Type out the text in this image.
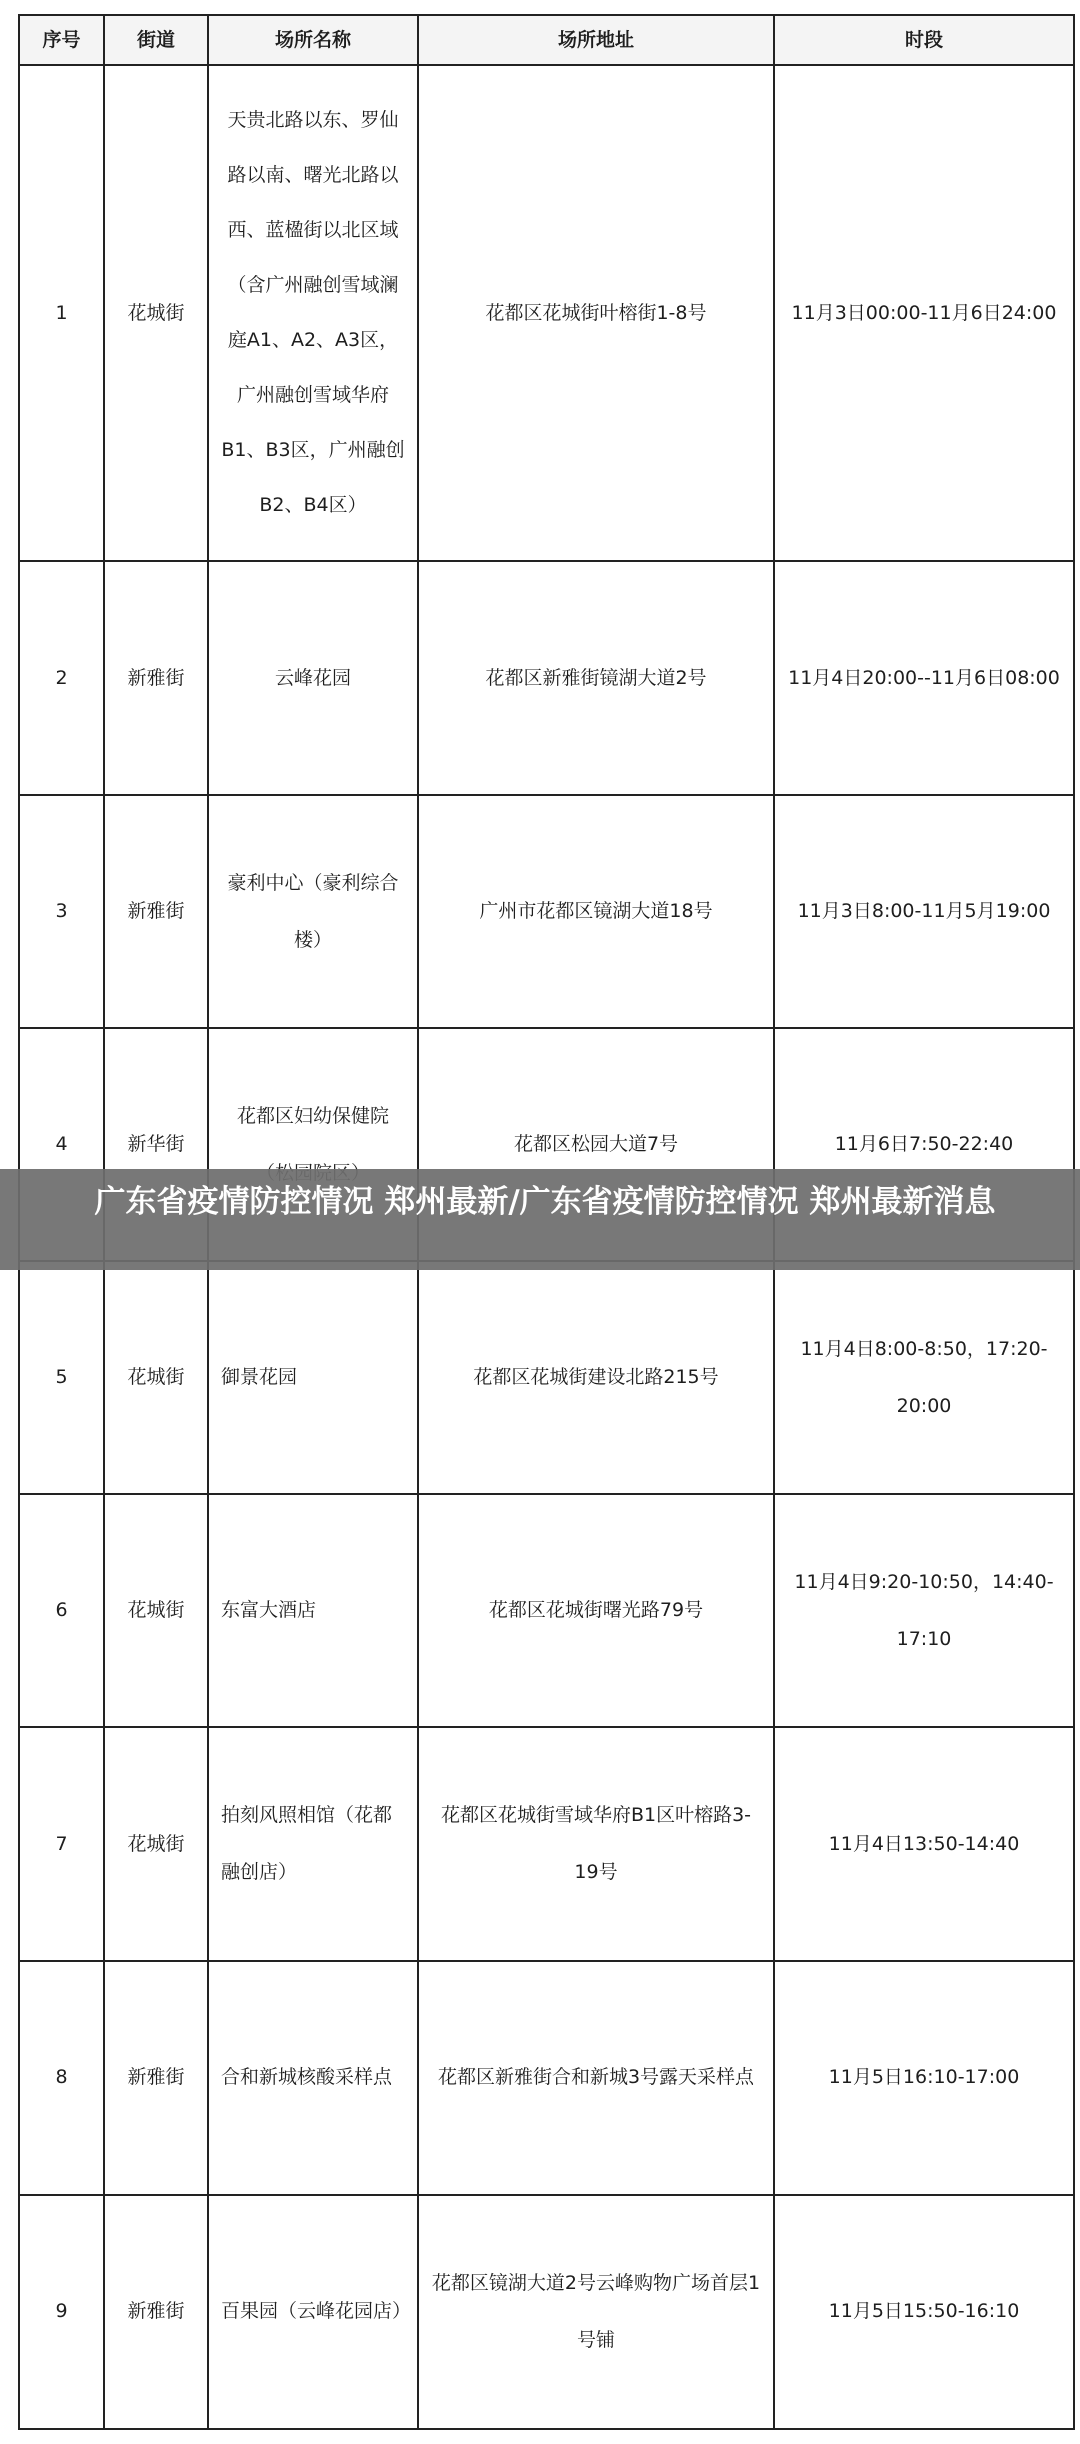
序号	街道	场所名称	场所地址	时段
1	花城街	天贵北路以东、罗仙路以南、曙光北路以西、蓝楹街以北区域（含广州融创雪域澜庭A1、A2、A3区，广州融创雪域华府B1、B3区，广州融创B2、B4区）	花都区花城街叶榕街1-8号	11月3日00:00-11月6日24:00
2	新雅街	云峰花园	花都区新雅街镜湖大道2号	11月4日20:00--11月6日08:00
3	新雅街	豪利中心（豪利综合楼）	广州市花都区镜湖大道18号	11月3日8:00-11月5月19:00
4	新华街	花都区妇幼保健院	花都区松园大道7号	11月6日7:50-22:40
5	花城街	御景花园	花都区花城街建设北路215号	11月4日8:00-8:50，17:20-20:00
6	花城街	东富大酒店	花都区花城街曙光路79号	11月4日9:20-10:50，14:40-17:10
7	花城街	拍刻风照相馆（花都融创店）	花都区花城街雪域华府B1区叶榕路3-19号	11月4日13:50-14:40
8	新雅街	合和新城核酸采样点	花都区新雅街合和新城3号露天采样点	11月5日16:10-17:00
9	新雅街	百果园（云峰花园店）	花都区镜湖大道2号云峰购物广场首层1号铺	11月5日15:50-16:10
广东省疫情防控情况 郑州最新/广东省疫情防控情况 郑州最新消息
